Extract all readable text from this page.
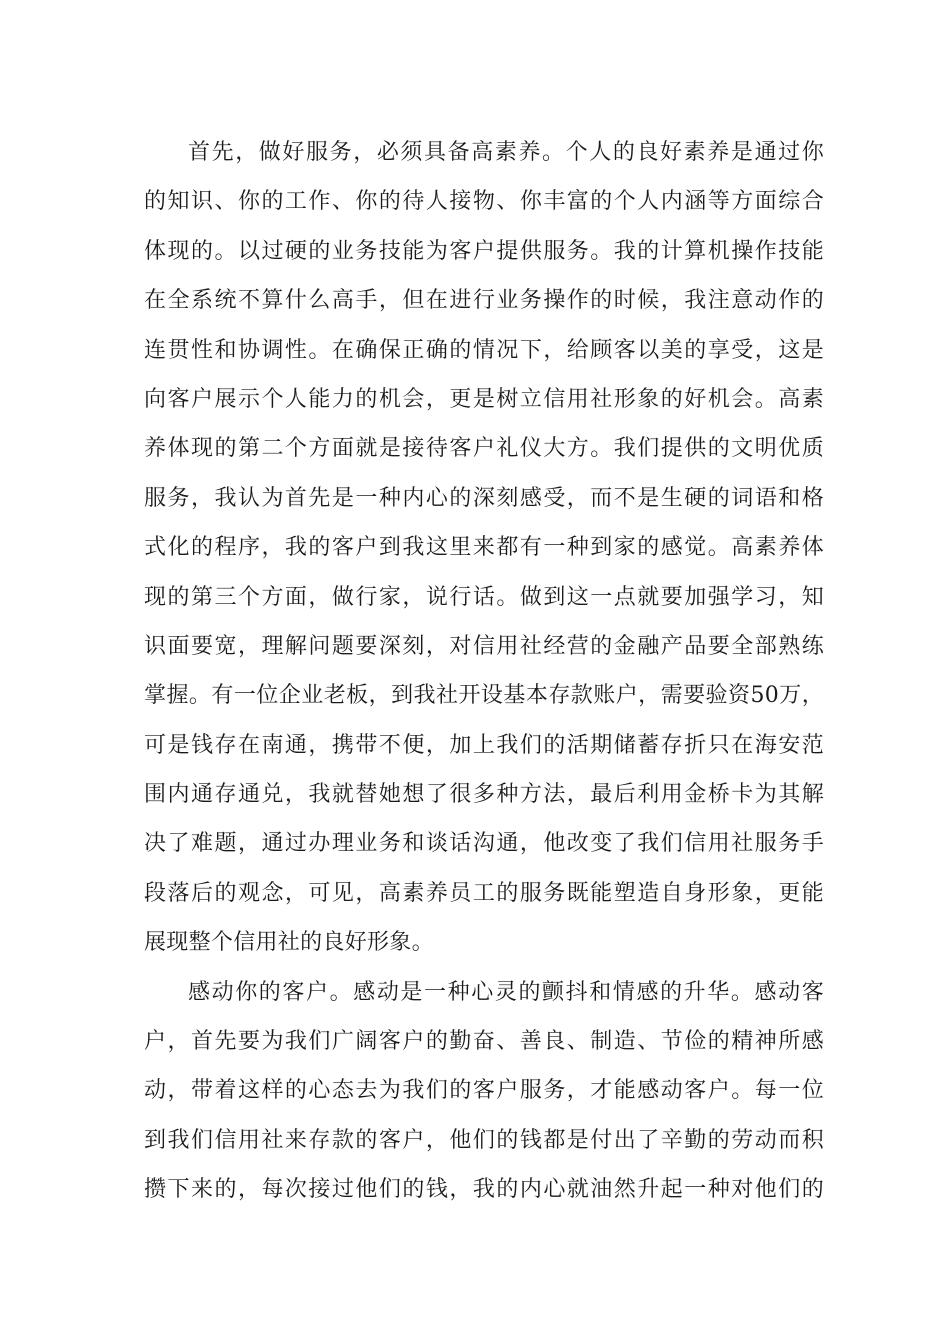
首先，做好服务，必须具备高素养。个人的良好素养是通过你
的知识、你的工作、你的待人接物、你丰富的个人内涵等方面综合
体现的。以过硬的业务技能为客户提供服务。我的计算机操作技能
在全系统不算什么高手，但在进行业务操作的时候，我注意动作的
连贯性和协调性。在确保正确的情况下，给顾客以美的享受，这是
向客户展示个人能力的机会，更是树立信用社形象的好机会。高素
养体现的第二个方面就是接待客户礼仪大方。我们提供的文明优质
服务，我认为首先是一种内心的深刻感受，而不是生硬的词语和格
式化的程序，我的客户到我这里来都有一种到家的感觉。高素养体
现的第三个方面，做行家，说行话。做到这一点就要加强学习，知
识面要宽，理解问题要深刻，对信用社经营的金融产品要全部熟练
掌握。有一位企业老板，到我社开设基本存款账户，需要验资50万，
可是钱存在南通，携带不便，加上我们的活期储蓄存折只在海安范
围内通存通兑，我就替她想了很多种方法，最后利用金桥卡为其解
决了难题，通过办理业务和谈话沟通，他改变了我们信用社服务手
段落后的观念，可见，高素养员工的服务既能塑造自身形象，更能
展现整个信用社的良好形象。
感动你的客户。感动是一种心灵的颤抖和情感的升华。感动客
户，首先要为我们广阔客户的勤奋、善良、制造、节俭的精神所感
动，带着这样的心态去为我们的客户服务，才能感动客户。每一位
到我们信用社来存款的客户，他们的钱都是付出了辛勤的劳动而积
攒下来的，每次接过他们的钱，我的内心就油然升起一种对他们的
